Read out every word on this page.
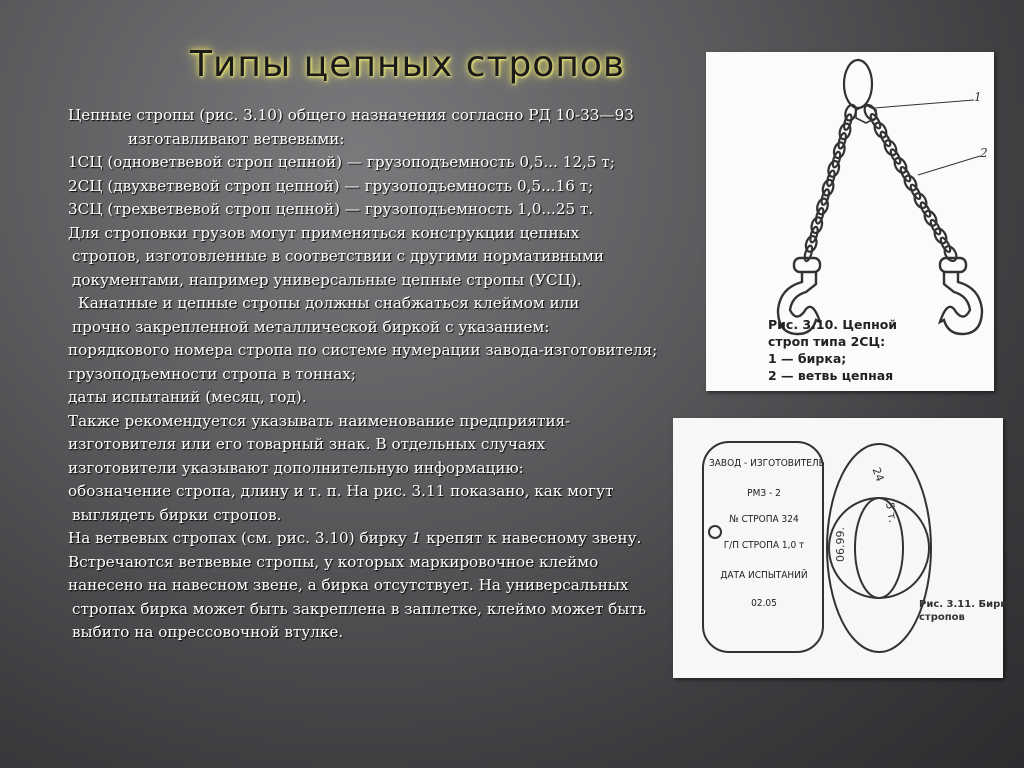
Типы цепных стропов
Цепные стропы (рис. 3.10) общего назначения согласно РД 10-33—93
изготавливают ветвевыми:
1СЦ (одноветвевой строп цепной) — грузоподъемность 0,5... 12,5 т;
2СЦ (двухветвевой строп цепной) — грузоподъемность 0,5...16 т;
3СЦ (трехветвевой строп цепной) — грузоподъемность 1,0...25 т.
Для строповки грузов могут применяться конструкции цепных
стропов, изготовленные в соответствии с другими нормативными
документами, например универсальные цепные стропы (УСЦ).
Канатные и цепные стропы должны снабжаться клеймом или
прочно закрепленной металлической биркой с указанием:
порядкового номера стропа по системе нумерации завода-изготовителя;
грузоподъемности стропа в тоннах;
даты испытаний (месяц, год).
Также рекомендуется указывать наименование предприятия-
изготовителя или его товарный знак. В отдельных случаях
изготовители указывают дополнительную информацию:
обозначение стропа, длину и т. п. На рис. 3.11 показано, как могут
выглядеть бирки стропов.
На ветвевых стропах (см. рис. 3.10) бирку 1 крепят к навесному звену.
Встречаются ветвевые стропы, у которых маркировочное клеймо
нанесено на навесном звене, а бирка отсутствует. На универсальных
стропах бирка может быть закреплена в заплетке, клеймо может быть
выбито на опрессовочной втулке.
1
2
Рис. 3.10. Цепной
строп типа 2СЦ:
1 — бирка;
2 — ветвь цепная
ЗАВОД - ИЗГОТОВИТЕЛЬ
РМЗ - 2
№ СТРОПА 324
Г/П СТРОПА 1,0 т
ДАТА ИСПЫТАНИЙ
02.05
24
5 т.
06.99.
Рис. 3.11. Бирки
стропов
